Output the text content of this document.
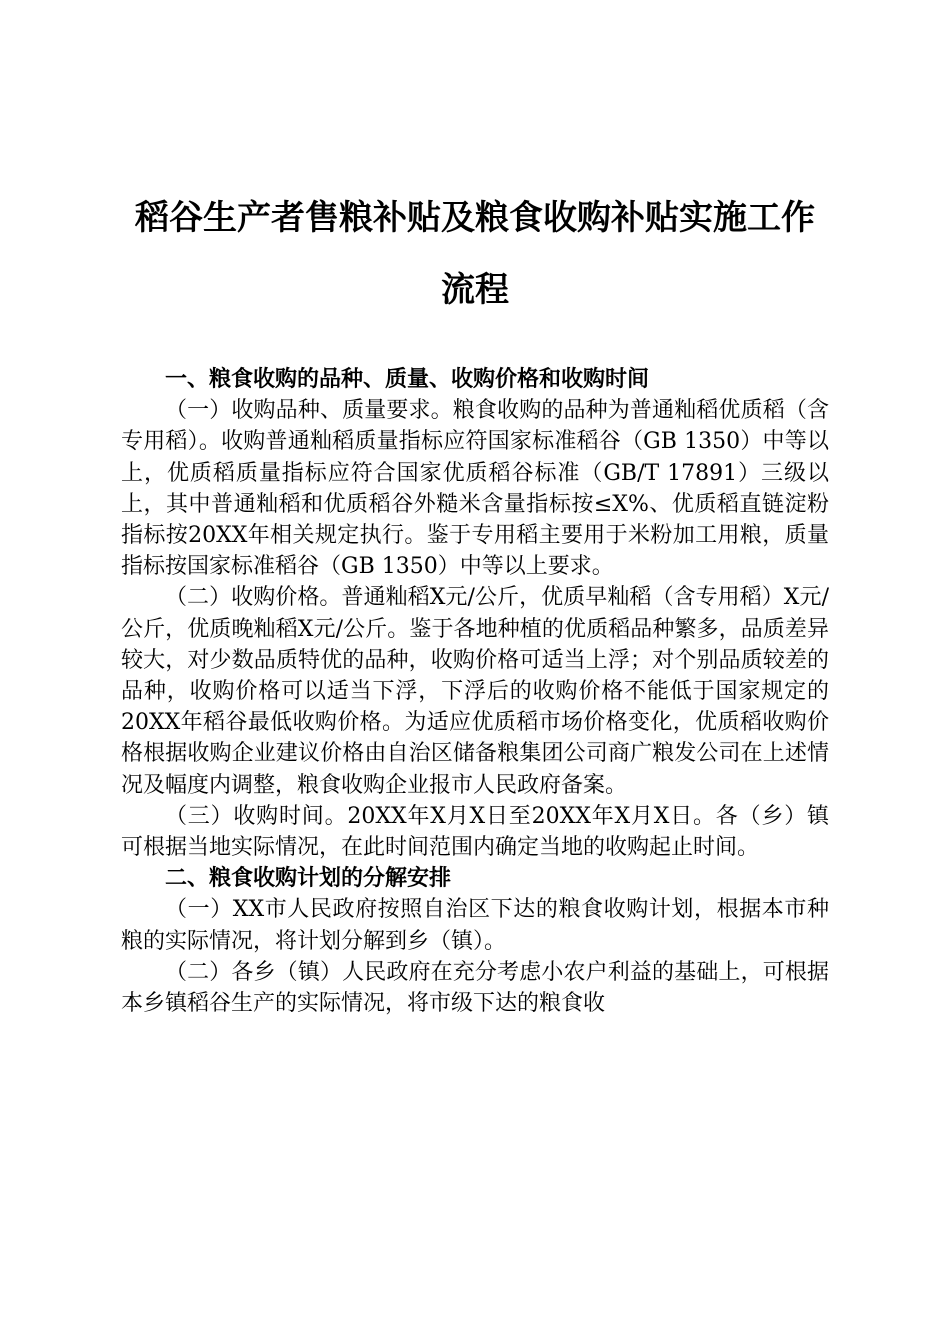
稻谷生产者售粮补贴及粮食收购补贴实施工作
流程
一、粮食收购的品种、质量、收购价格和收购时间

（一）收购品种、质量要求。粮食收购的品种为普通籼稻优质稻（含专用稻）。收购普通籼稻质量指标应符国家标准稻谷（GB 1350）中等以上，优质稻质量指标应符合国家优质稻谷标准（GB/T 17891）三级以上，其中普通籼稻和优质稻谷外糙米含量指标按≤X%、优质稻直链淀粉指标按20XX年相关规定执行。鉴于专用稻主要用于米粉加工用粮，质量指标按国家标准稻谷（GB 1350）中等以上要求。

（二）收购价格。普通籼稻X元/公斤，优质早籼稻（含专用稻）X元/公斤，优质晚籼稻X元/公斤。鉴于各地种植的优质稻品种繁多，品质差异较大，对少数品质特优的品种，收购价格可适当上浮；对个别品质较差的品种，收购价格可以适当下浮，下浮后的收购价格不能低于国家规定的20XX年稻谷最低收购价格。为适应优质稻市场价格变化，优质稻收购价格根据收购企业建议价格由自治区储备粮集团公司商广粮发公司在上述情况及幅度内调整，粮食收购企业报市人民政府备案。

（三）收购时间。20XX年X月X日至20XX年X月X日。各（乡）镇可根据当地实际情况，在此时间范围内确定当地的收购起止时间。

二、粮食收购计划的分解安排

（一）XX市人民政府按照自治区下达的粮食收购计划，根据本市种粮的实际情况，将计划分解到乡（镇）。

（二）各乡（镇）人民政府在充分考虑小农户利益的基础上，可根据本乡镇稻谷生产的实际情况，将市级下达的粮食收
